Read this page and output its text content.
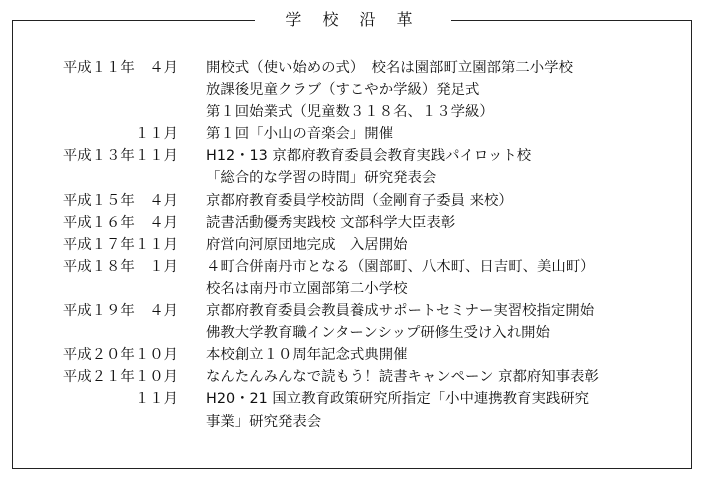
学 校 沿 革
平成１１年　４月 開校式（使い始めの式）　校名は園部町立園部第二小学校
放課後児童クラブ（すこやか学級）発足式
第１回始業式（児童数３１８名、１３学級）
１１月 第１回「小山の音楽会」開催
平成１３年１１月 H12・13 京都府教育委員会教育実践パイロット校
「総合的な学習の時間」研究発表会
平成１５年　４月 京都府教育委員学校訪問（金剛育子委員 来校）
平成１６年　４月 読書活動優秀実践校 文部科学大臣表彰
平成１７年１１月 府営向河原団地完成　入居開始
平成１８年　１月 ４町合併南丹市となる（園部町、八木町、日吉町、美山町）
校名は南丹市立園部第二小学校
平成１９年　４月 京都府教育委員会教員養成サポートセミナー実習校指定開始
佛教大学教育職インターンシップ研修生受け入れ開始
平成２０年１０月 本校創立１０周年記念式典開催
平成２１年１０月 なんたんみんなで読もう！読書キャンペーン 京都府知事表彰
１１月 H20・21 国立教育政策研究所指定「小中連携教育実践研究
事業」研究発表会
